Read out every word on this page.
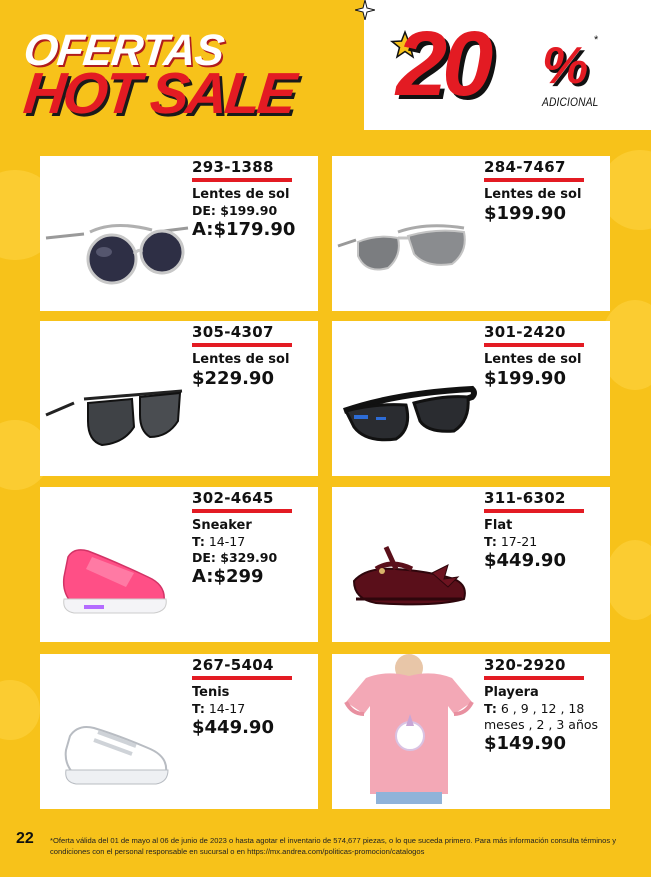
OFERTAS
HOT SALE 20 % *
ADICIONAL
293-1388
Lentes de sol
DE: $199.90
A:$179.90
284-7467
Lentes de sol
$199.90
305-4307
Lentes de sol
$229.90
301-2420
Lentes de sol
$199.90
302-4645
Sneaker
T: 14-17
DE: $329.90
A:$299
311-6302
Flat
T: 17-21
$449.90
267-5404
Tenis
T: 14-17
$449.90
320-2920
Playera
T: 6 , 9 , 12 , 18 meses , 2 , 3 años
$149.90
22 *Oferta válida del 01 de mayo al 06 de junio de 2023 o hasta agotar el inventario de 574,677 piezas, o lo que suceda primero. Para más información consulta términos y condiciones con el personal responsable en sucursal o en https://mx.andrea.com/politicas-promocion/catalogos
